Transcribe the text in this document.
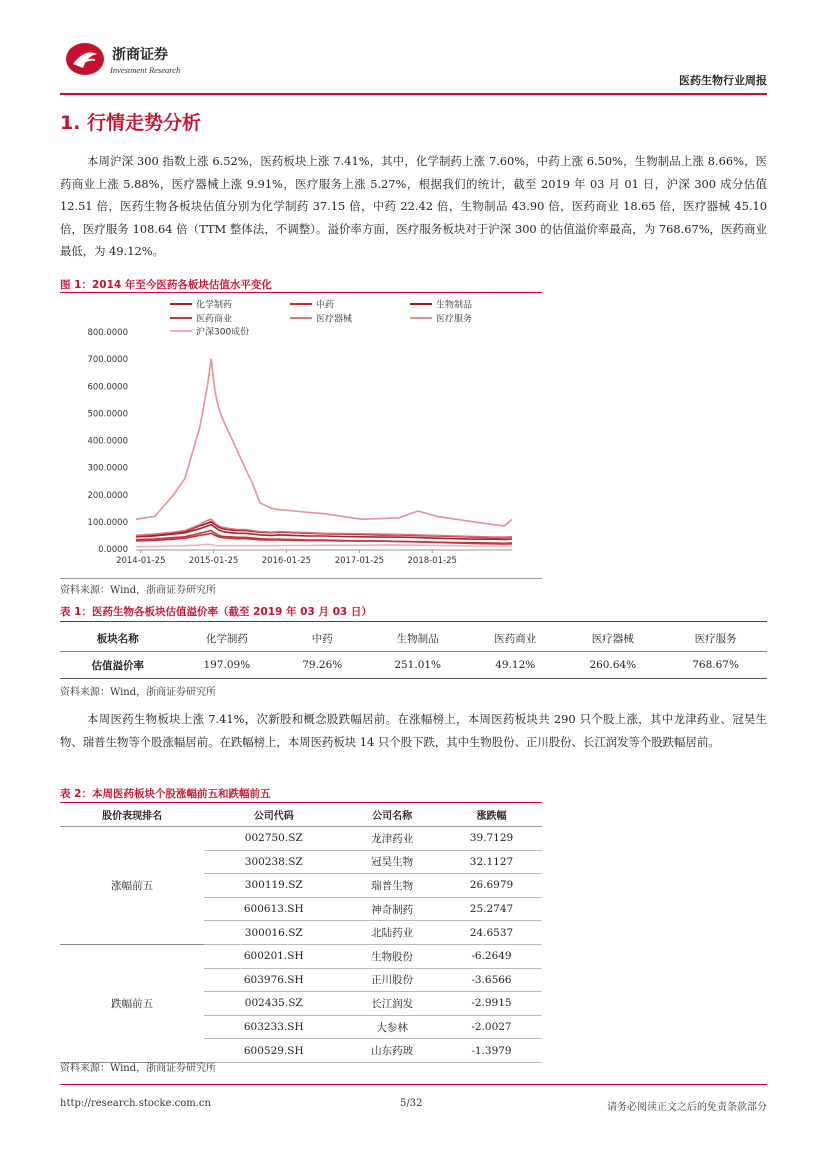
浙商证券
Investment Research
医药生物行业周报
1. 行情走势分析
本周沪深 300 指数上涨 6.52%，医药板块上涨 7.41%，其中，化学制药上涨 7.60%，中药上涨 6.50%，生物制品上涨 8.66%，医药商业上涨 5.88%，医疗器械上涨 9.91%，医疗服务上涨 5.27%，根据我们的统计，截至 2019 年 03 月 01 日，沪深 300 成分估值 12.51 倍，医药生物各板块估值分别为化学制药 37.15 倍，中药 22.42 倍，生物制品 43.90 倍，医药商业 18.65 倍，医疗器械 45.10 倍，医疗服务 108.64 倍（TTM 整体法，不调整）。溢价率方面，医疗服务板块对于沪深 300 的估值溢价率最高，为 768.67%，医药商业最低，为 49.12%。
图 1：2014 年至今医药各板块估值水平变化
化学制药	中药	生物制品
医药商业	医疗器械	医疗服务
沪深300成份
800.0000
700.0000
600.0000
500.0000
400.0000
300.0000
200.0000
100.0000
0.0000
2014-01-25	2015-01-25	2016-01-25	2017-01-25	2018-01-25
资料来源：Wind，浙商证券研究所
表 1：医药生物各板块估值溢价率（截至 2019 年 03 月 03 日）
板块名称	化学制药	中药	生物制品	医药商业	医疗器械	医疗服务
估值溢价率	197.09%	79.26%	251.01%	49.12%	260.64%	768.67%
资料来源：Wind，浙商证券研究所
本周医药生物板块上涨 7.41%，次新股和概念股跌幅居前。在涨幅榜上，本周医药板块共 290 只个股上涨，其中龙津药业、冠昊生物、瑞普生物等个股涨幅居前。在跌幅榜上，本周医药板块 14 只个股下跌，其中生物股份、正川股份、长江润发等个股跌幅居前。
表 2：本周医药板块个股涨幅前五和跌幅前五
股价表现排名	公司代码	公司名称	涨跌幅
涨幅前五	002750.SZ	龙津药业	39.7129
	300238.SZ	冠昊生物	32.1127
	300119.SZ	瑞普生物	26.6979
	600613.SH	神奇制药	25.2747
	300016.SZ	北陆药业	24.6537
跌幅前五	600201.SH	生物股份	-6.2649
	603976.SH	正川股份	-3.6566
	002435.SZ	长江润发	-2.9915
	603233.SH	大参林	-2.0027
	600529.SH	山东药玻	-1.3979
资料来源：Wind，浙商证券研究所
http://research.stocke.com.cn	5/32	请务必阅读正文之后的免责条款部分
